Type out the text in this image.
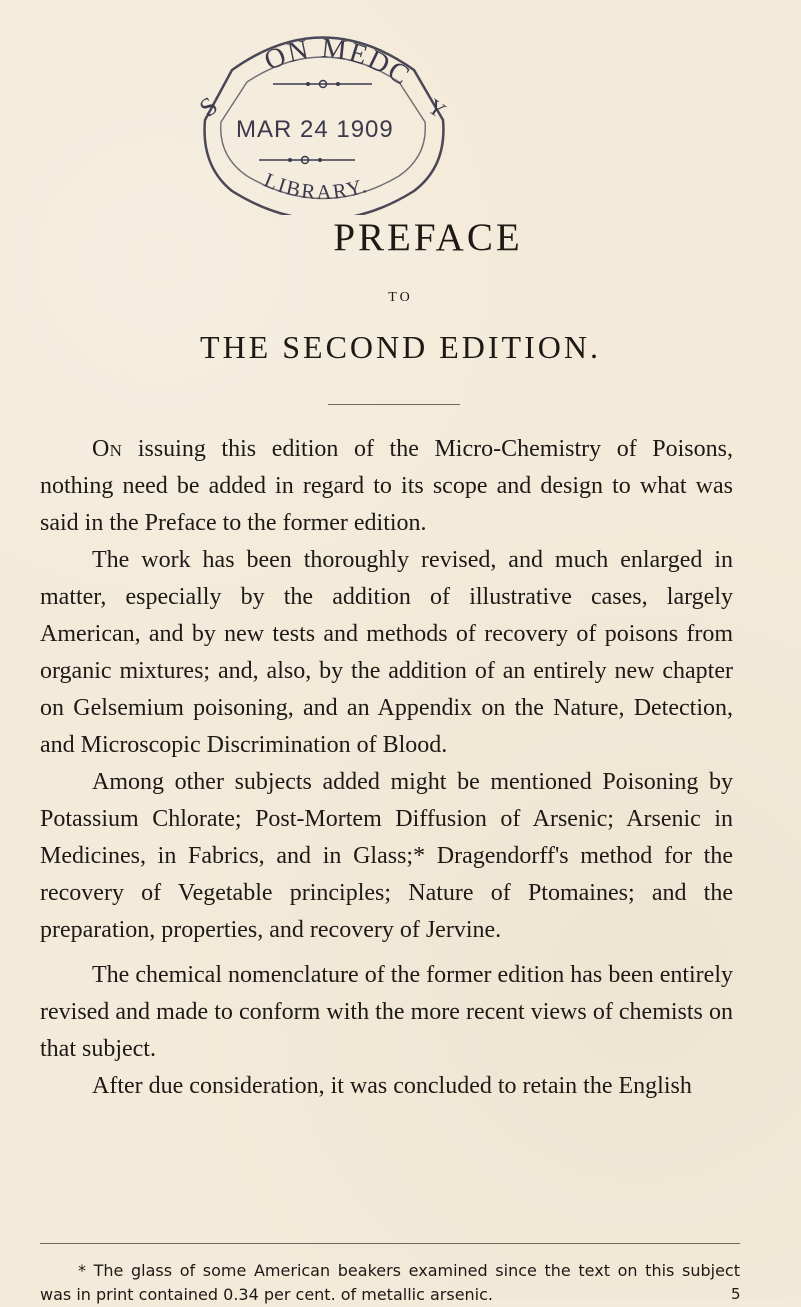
ON MEDC
S	Y
MAR 24 1909
LIBRARY.
PREFACE
TO
THE SECOND EDITION.

On issuing this edition of the Micro-Chemistry of Poisons, nothing need be added in regard to its scope and design to what was said in the Preface to the former edition.

The work has been thoroughly revised, and much enlarged in matter, especially by the addition of illustrative cases, largely American, and by new tests and methods of recovery of poisons from organic mixtures; and, also, by the addition of an entirely new chapter on Gelsemium poisoning, and an Appendix on the Nature, Detection, and Microscopic Discrimination of Blood.

Among other subjects added might be mentioned Poisoning by Potassium Chlorate; Post-Mortem Diffusion of Arsenic; Arsenic in Medicines, in Fabrics, and in Glass;* Dragendorff's method for the recovery of Vegetable principles; Nature of Ptomaines; and the preparation, properties, and recovery of Jervine.

The chemical nomenclature of the former edition has been entirely revised and made to conform with the more recent views of chemists on that subject.

After due consideration, it was concluded to retain the English

* The glass of some American beakers examined since the text on this subject was in print contained 0.34 per cent. of metallic arsenic.	5
